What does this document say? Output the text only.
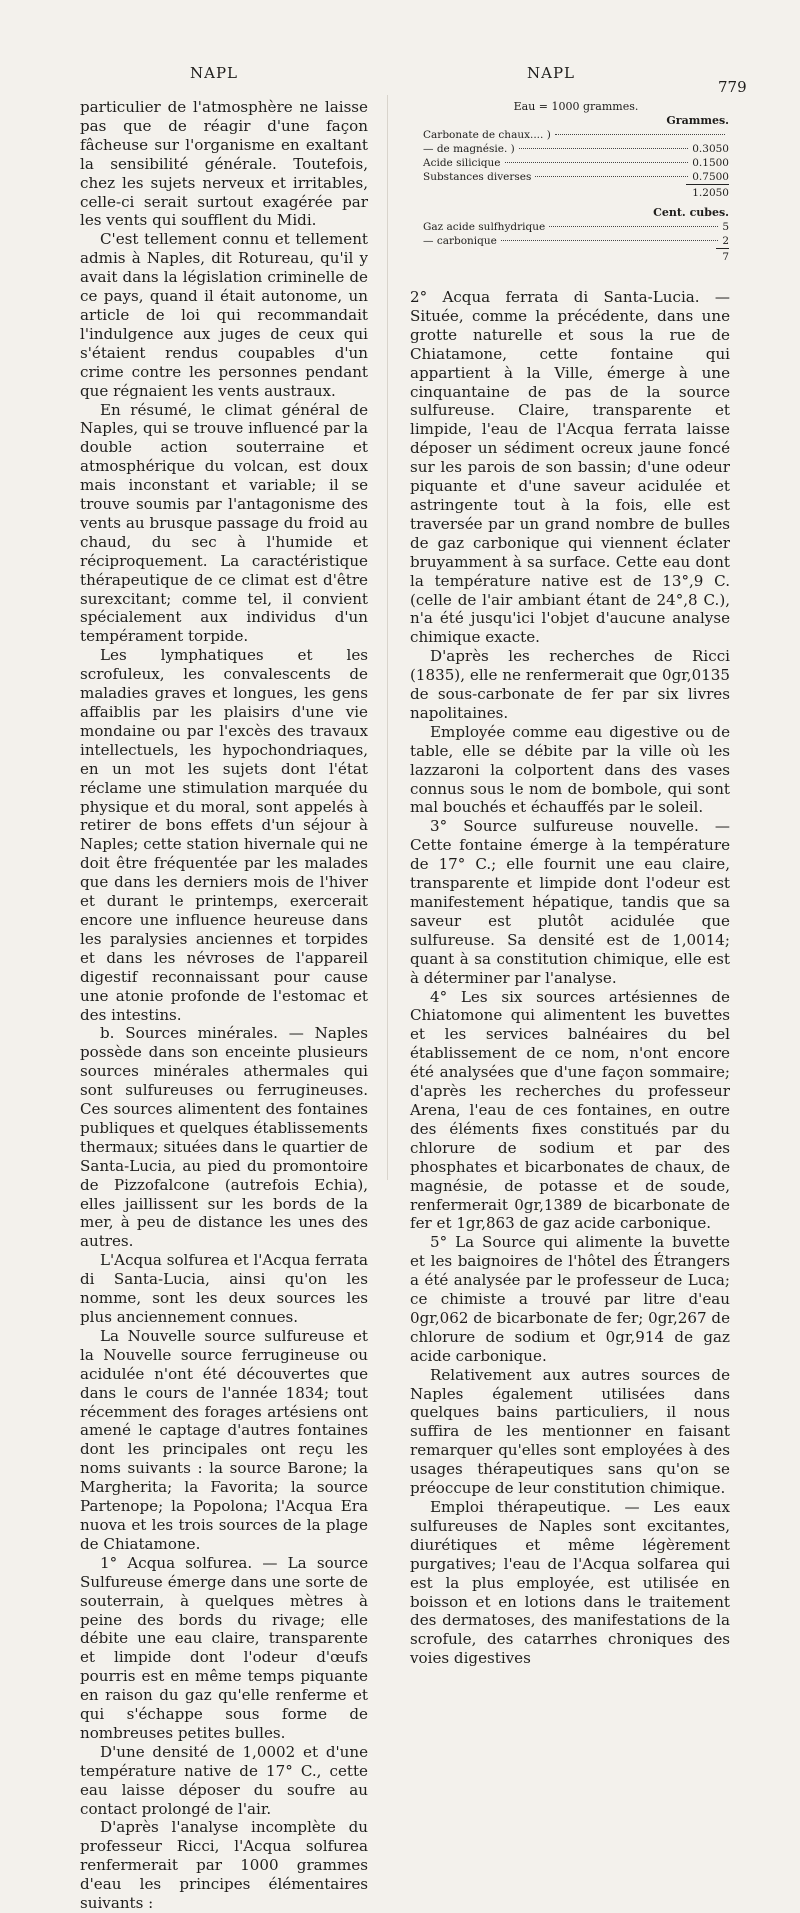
NAPL	NAPL
779

particulier de l'atmosphère ne laisse pas que de réagir d'une façon fâcheuse sur l'organisme en exaltant la sensibilité générale. Toutefois, chez les sujets nerveux et irritables, celle-ci serait surtout exagérée par les vents qui soufflent du Midi.

C'est tellement connu et tellement admis à Naples, dit Rotureau, qu'il y avait dans la législation criminelle de ce pays, quand il était autonome, un article de loi qui recommandait l'indulgence aux juges de ceux qui s'étaient rendus coupables d'un crime contre les personnes pendant que régnaient les vents austraux.

En résumé, le climat général de Naples, qui se trouve influencé par la double action souterraine et atmosphérique du volcan, est doux mais inconstant et variable; il se trouve soumis par l'antagonisme des vents au brusque passage du froid au chaud, du sec à l'humide et réciproquement. La caractéristique thérapeutique de ce climat est d'être surexcitant; comme tel, il convient spécialement aux individus d'un tempérament torpide.

Les lymphatiques et les scrofuleux, les convalescents de maladies graves et longues, les gens affaiblis par les plaisirs d'une vie mondaine ou par l'excès des travaux intellectuels, les hypochondriaques, en un mot les sujets dont l'état réclame une stimulation marquée du physique et du moral, sont appelés à retirer de bons effets d'un séjour à Naples; cette station hivernale qui ne doit être fréquentée par les malades que dans les derniers mois de l'hiver et durant le printemps, exercerait encore une influence heureuse dans les paralysies anciennes et torpides et dans les névroses de l'appareil digestif reconnaissant pour cause une atonie profonde de l'estomac et des intestins.

b. Sources minérales. — Naples possède dans son enceinte plusieurs sources minérales athermales qui sont sulfureuses ou ferrugineuses. Ces sources alimentent des fontaines publiques et quelques établissements thermaux; situées dans le quartier de Santa-Lucia, au pied du promontoire de Pizzofalcone (autrefois Echia), elles jaillissent sur les bords de la mer, à peu de distance les unes des autres.

L'Acqua solfurea et l'Acqua ferrata di Santa-Lucia, ainsi qu'on les nomme, sont les deux sources les plus anciennement connues.

La Nouvelle source sulfureuse et la Nouvelle source ferrugineuse ou acidulée n'ont été découvertes que dans le cours de l'année 1834; tout récemment des forages artésiens ont amené le captage d'autres fontaines dont les principales ont reçu les noms suivants : la source Barone; la Margherita; la Favorita; la source Partenope; la Popolona; l'Acqua Era nuova et les trois sources de la plage de Chiatamone.

1° Acqua solfurea. — La source Sulfureuse émerge dans une sorte de souterrain, à quelques mètres à peine des bords du rivage; elle débite une eau claire, transparente et limpide dont l'odeur d'œufs pourris est en même temps piquante en raison du gaz qu'elle renferme et qui s'échappe sous forme de nombreuses petites bulles.

D'une densité de 1,0002 et d'une température native de 17° C., cette eau laisse déposer du soufre au contact prolongé de l'air.

D'après l'analyse incomplète du professeur Ricci, l'Acqua solfurea renfermerait par 1000 grammes d'eau les principes élémentaires suivants :

Eau = 1000 grammes.
Grammes.
Carbonate de chaux.... )
— de magnésie. )	0.3050
Acide silicique	0.1500
Substances diverses	0.7500
1.2050
Cent. cubes.
Gaz acide sulfhydrique	5
— carbonique	2
7

2° Acqua ferrata di Santa-Lucia. — Située, comme la précédente, dans une grotte naturelle et sous la rue de Chiatamone, cette fontaine qui appartient à la Ville, émerge à une cinquantaine de pas de la source sulfureuse. Claire, transparente et limpide, l'eau de l'Acqua ferrata laisse déposer un sédiment ocreux jaune foncé sur les parois de son bassin; d'une odeur piquante et d'une saveur acidulée et astringente tout à la fois, elle est traversée par un grand nombre de bulles de gaz carbonique qui viennent éclater bruyamment à sa surface. Cette eau dont la température native est de 13°,9 C. (celle de l'air ambiant étant de 24°,8 C.), n'a été jusqu'ici l'objet d'aucune analyse chimique exacte.

D'après les recherches de Ricci (1835), elle ne renfermerait que 0gr,0135 de sous-carbonate de fer par six livres napolitaines.

Employée comme eau digestive ou de table, elle se débite par la ville où les lazzaroni la colportent dans des vases connus sous le nom de bombole, qui sont mal bouchés et échauffés par le soleil.

3° Source sulfureuse nouvelle. — Cette fontaine émerge à la température de 17° C.; elle fournit une eau claire, transparente et limpide dont l'odeur est manifestement hépatique, tandis que sa saveur est plutôt acidulée que sulfureuse. Sa densité est de 1,0014; quant à sa constitution chimique, elle est à déterminer par l'analyse.

4° Les six sources artésiennes de Chiatomone qui alimentent les buvettes et les services balnéaires du bel établissement de ce nom, n'ont encore été analysées que d'une façon sommaire; d'après les recherches du professeur Arena, l'eau de ces fontaines, en outre des éléments fixes constitués par du chlorure de sodium et par des phosphates et bicarbonates de chaux, de magnésie, de potasse et de soude, renfermerait 0gr,1389 de bicarbonate de fer et 1gr,863 de gaz acide carbonique.

5° La Source qui alimente la buvette et les baignoires de l'hôtel des Étrangers a été analysée par le professeur de Luca; ce chimiste a trouvé par litre d'eau 0gr,062 de bicarbonate de fer; 0gr,267 de chlorure de sodium et 0gr,914 de gaz acide carbonique.

Relativement aux autres sources de Naples également utilisées dans quelques bains particuliers, il nous suffira de les mentionner en faisant remarquer qu'elles sont employées à des usages thérapeutiques sans qu'on se préoccupe de leur constitution chimique.

Emploi thérapeutique. — Les eaux sulfureuses de Naples sont excitantes, diurétiques et même légèrement purgatives; l'eau de l'Acqua solfarea qui est la plus employée, est utilisée en boisson et en lotions dans le traitement des dermatoses, des manifestations de la scrofule, des catarrhes chroniques des voies digestives
